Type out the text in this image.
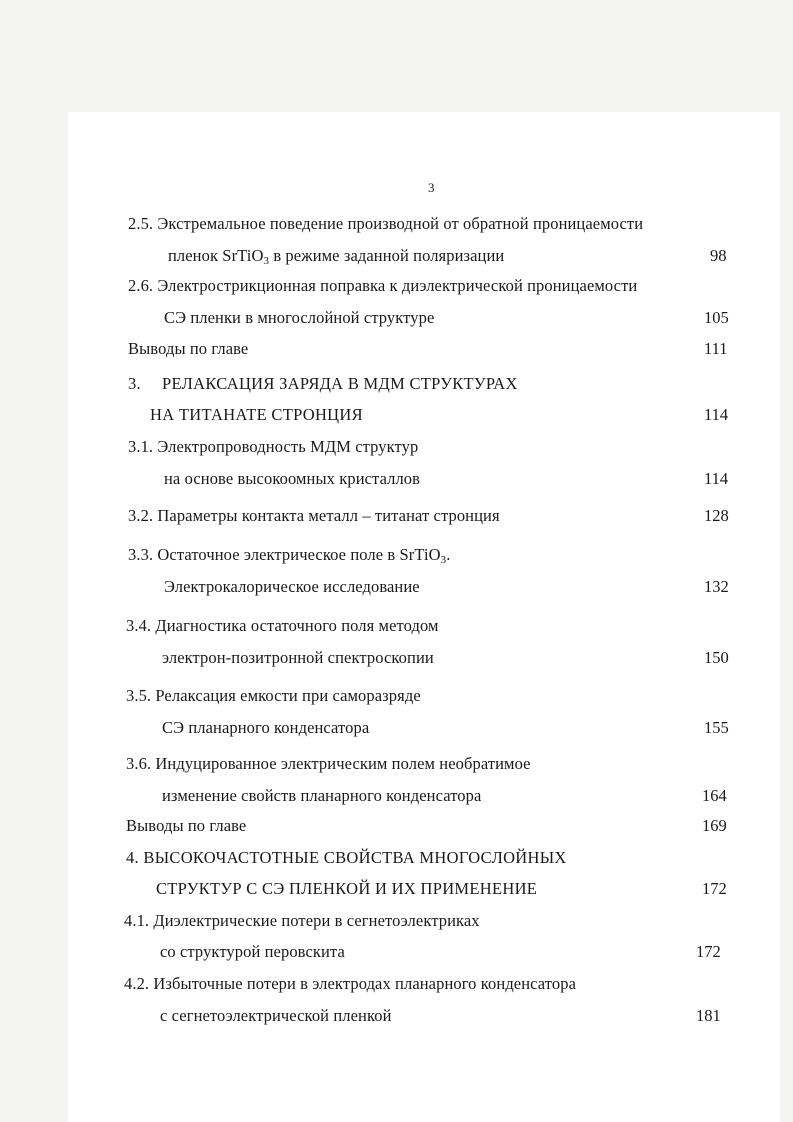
3
2.5. Экстремальное поведение производной от обратной проницаемости
пленок SrTiO$_3$ в режиме заданной поляризации	98
2.6. Электрострикционная поправка к диэлектрической проницаемости
СЭ пленки в многослойной структуре	105
Выводы по главе	111
3. РЕЛАКСАЦИЯ ЗАРЯДА В МДМ СТРУКТУРАХ
НА ТИТАНАТЕ СТРОНЦИЯ	114
3.1. Электропроводность МДМ структур
на основе высокоомных кристаллов	114
3.2. Параметры контакта металл – титанат стронция	128
3.3. Остаточное электрическое поле в SrTiO$_3$.
Электрокалорическое исследование	132
3.4. Диагностика остаточного поля методом
электрон-позитронной спектроскопии	150
3.5. Релаксация емкости при саморазряде
СЭ планарного конденсатора	155
3.6. Индуцированное электрическим полем необратимое
изменение свойств планарного конденсатора	164
Выводы по главе	169
4. ВЫСОКОЧАСТОТНЫЕ СВОЙСТВА МНОГОСЛОЙНЫХ
СТРУКТУР С СЭ ПЛЕНКОЙ И ИХ ПРИМЕНЕНИЕ	172
4.1. Диэлектрические потери в сегнетоэлектриках
со структурой перовскита	172
4.2. Избыточные потери в электродах планарного конденсатора
с сегнетоэлектрической пленкой	181
